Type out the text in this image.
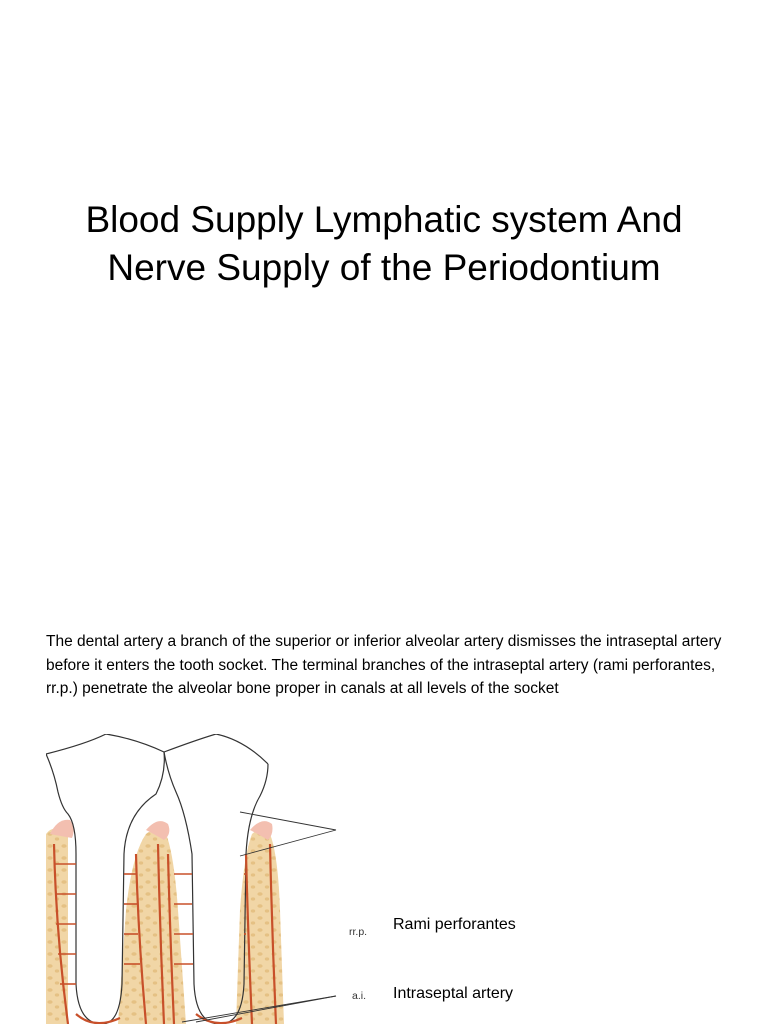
Blood Supply Lymphatic system And
Nerve Supply of the Periodontium
The dental artery a branch of the superior or inferior alveolar artery dismisses the intraseptal artery before it enters the tooth socket. The terminal branches of the intraseptal artery (rami perforantes, rr.p.) penetrate the alveolar bone proper in canals at all levels of the socket
rr.p.
a.i.
Rami perforantes
Intraseptal artery
